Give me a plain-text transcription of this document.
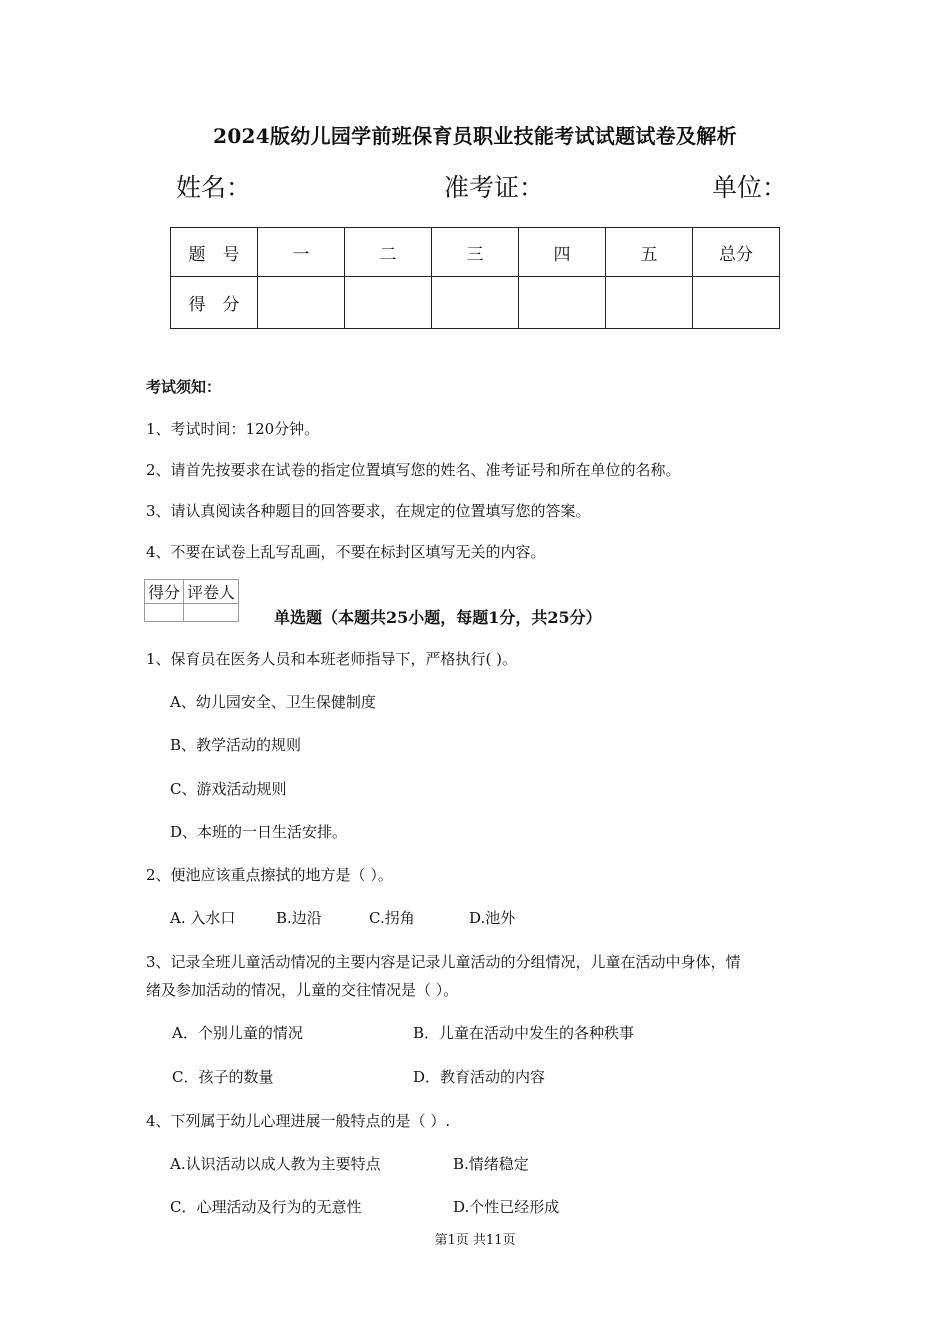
2024版幼儿园学前班保育员职业技能考试试题试卷及解析
姓名：	准考证：	单位：
题　号	一	二	三	四	五	总分
得　分						
考试须知：
1、考试时间：120分钟。
2、请首先按要求在试卷的指定位置填写您的姓名、准考证号和所在单位的名称。
3、请认真阅读各种题目的回答要求，在规定的位置填写您的答案。
4、不要在试卷上乱写乱画，不要在标封区填写无关的内容。
得分	评卷人

单选题（本题共25小题，每题1分，共25分）
1、保育员在医务人员和本班老师指导下，严格执行( )。
A、幼儿园安全、卫生保健制度
B、教学活动的规则
C、游戏活动规则
D、本班的一日生活安排。
2、便池应该重点擦拭的地方是（ ）。
A. 入水口	B.边沿	C.拐角	D.池外
3、记录全班儿童活动情况的主要内容是记录儿童活动的分组情况，儿童在活动中身体，情
绪及参加活动的情况，儿童的交往情况是（ ）。
A．个别儿童的情况	B．儿童在活动中发生的各种秩事
C．孩子的数量	D．教育活动的内容
4、下列属于幼儿心理进展一般特点的是（ ）.
A.认识活动以成人教为主要特点	B.情绪稳定
C．心理活动及行为的无意性	D.个性已经形成
第1页 共11页
